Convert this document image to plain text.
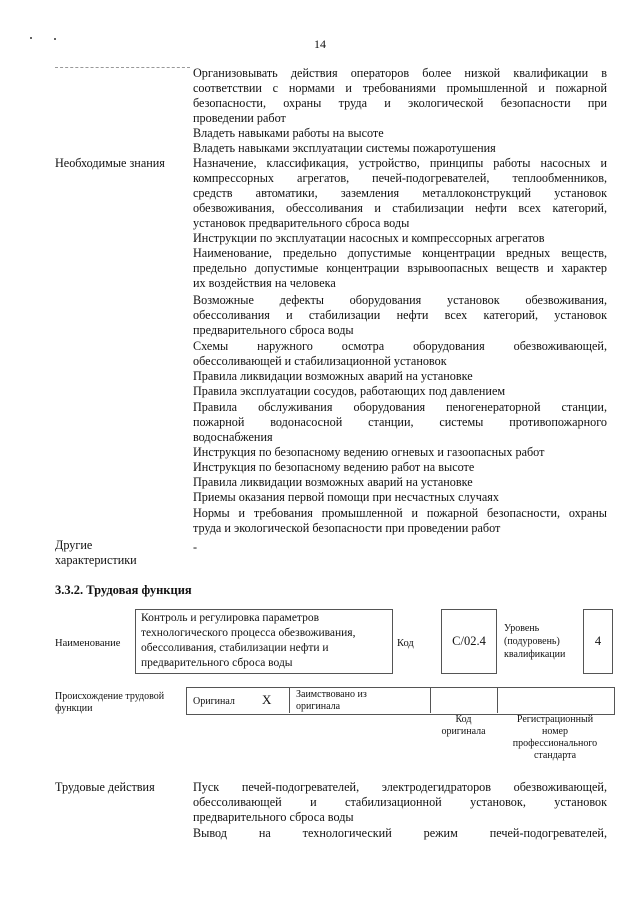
14
Организовывать действия операторов более низкой квалификации в
соответствии с нормами и требованиями промышленной и пожарной
безопасности, охраны труда и экологической безопасности при
проведении работ
Владеть навыками работы на высоте
Владеть навыками эксплуатации системы пожаротушения
Необходимые знания Назначение, классификация, устройство, принципы работы насосных и
компрессорных агрегатов, печей-подогревателей, теплообменников,
средств автоматики, заземления металлоконструкций установок
обезвоживания, обессоливания и стабилизации нефти всех категорий,
установок предварительного сброса воды
Инструкции по эксплуатации насосных и компрессорных агрегатов
Наименование, предельно допустимые концентрации вредных веществ,
предельно допустимые концентрации взрывоопасных веществ и характер
их воздействия на человека
Возможные дефекты оборудования установок обезвоживания,
обессоливания и стабилизации нефти всех категорий, установок
предварительного сброса воды
Схемы наружного осмотра оборудования обезвоживающей,
обессоливающей и стабилизационной установок
Правила ликвидации возможных аварий на установке
Правила эксплуатации сосудов, работающих под давлением
Правила обслуживания оборудования пеногенераторной станции,
пожарной водонасосной станции, системы противопожарного
водоснабжения
Инструкция по безопасному ведению огневых и газоопасных работ
Инструкция по безопасному ведению работ на высоте
Правила ликвидации возможных аварий на установке
Приемы оказания первой помощи при несчастных случаях
Нормы и требования промышленной и пожарной безопасности, охраны
труда и экологической безопасности при проведении работ
Другие
характеристики
-
3.3.2. Трудовая функция
Наименование
Контроль и регулировка параметров
технологического процесса обезвоживания,
обессоливания, стабилизации нефти и
предварительного сброса воды
Код	С/02.4
Уровень
(подуровень)
квалификации
4
Происхождение трудовой
функции
Оригинал X Заимствовано из
оригинала
Код
оригинала
Регистрационный
номер
профессионального
стандарта
Трудовые действия	Пуск печей-подогревателей, электродегидраторов обезвоживающей,
обессоливающей и стабилизационной установок, установок
предварительного сброса воды
Вывод на технологический режим печей-подогревателей,
